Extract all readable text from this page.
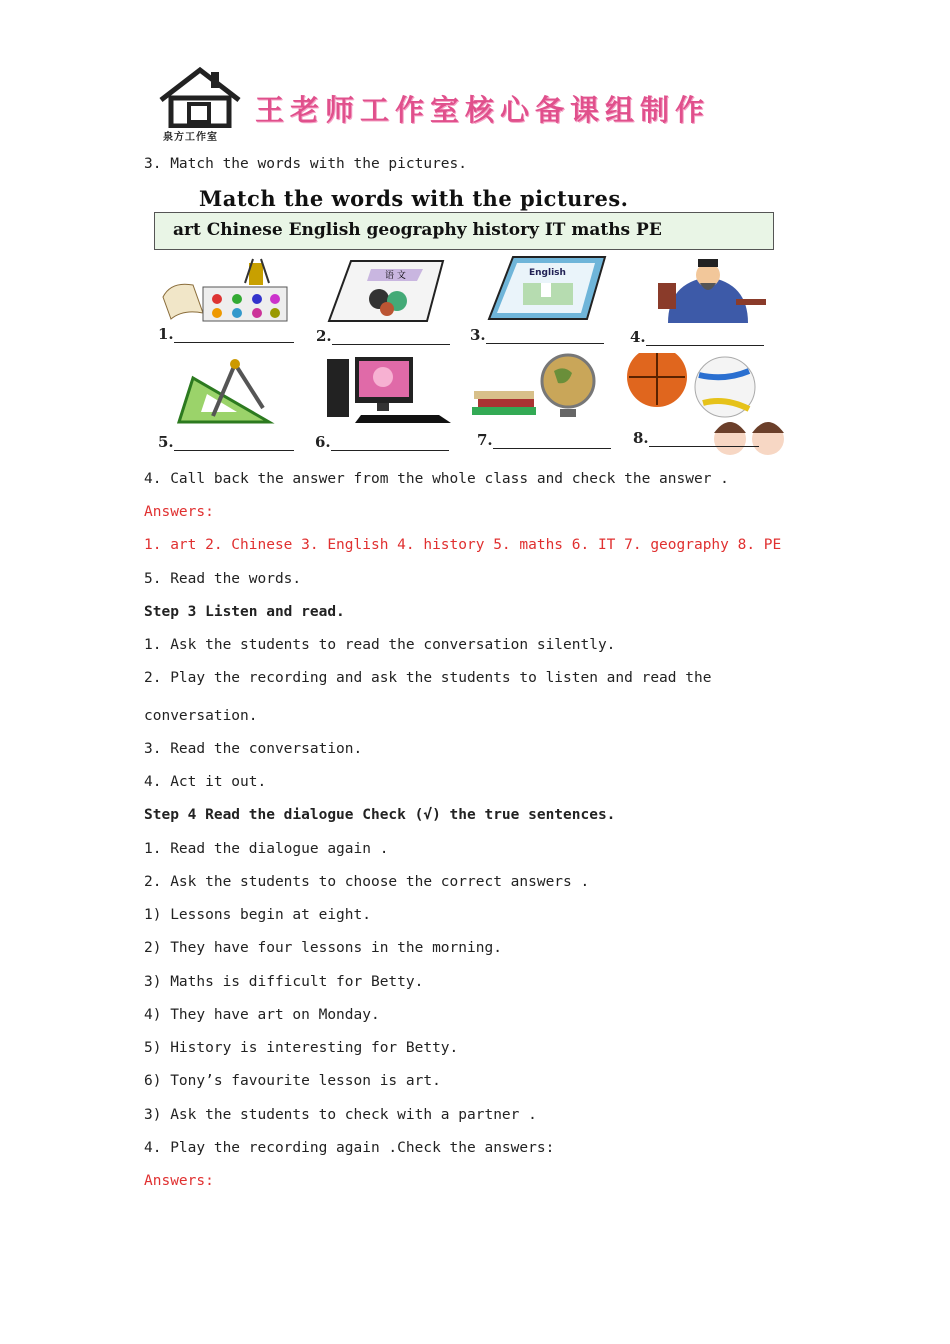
泉方工作室
王老师工作室核心备课组制作
3. Match the words with the pictures.
Match the words with the pictures.
art Chinese English geography history IT maths PE
语 文	English
1.	2.	3.	4.
5.	6.	7.	8.
4. Call back the answer from the whole class and check the answer .
Answers:
1. art 2. Chinese 3. English 4. history 5. maths 6. IT 7. geography 8. PE
5. Read the words.
Step 3 Listen and read.
1. Ask the students to read the conversation silently.
2. Play the recording and ask the students to listen and read the
conversation.
3. Read the conversation.
4. Act it out.
Step 4 Read the dialogue Check (√) the true sentences.
1. Read the dialogue again .
2. Ask the students to choose the correct answers .
1) Lessons begin at eight.
2) They have four lessons in the morning.
3) Maths is difficult for Betty.
4) They have art on Monday.
5) History is interesting for Betty.
6) Tony’s favourite lesson is art.
3) Ask the students to check with a partner .
4. Play the recording again .Check the answers:
Answers:
